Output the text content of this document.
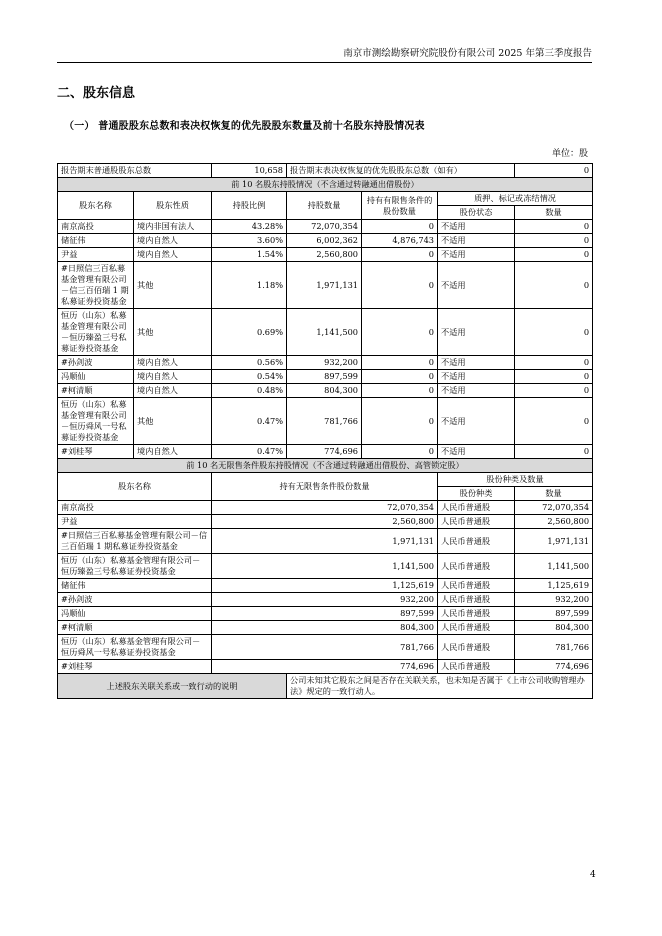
南京市测绘勘察研究院股份有限公司 2025 年第三季度报告
二、股东信息
（一） 普通股股东总数和表决权恢复的优先股股东数量及前十名股东持股情况表
单位：股
报告期末普通股股东总数		10,658	报告期末表决权恢复的优先股股东总数（如有）			0
前 10 名股东持股情况（不含通过转融通出借股份）						
股东名称	股东性质	持股比例	持股数量	持有有限售条件的股份数量	质押、标记或冻结情况	
					股份状态	数量
南京高投	境内非国有法人	43.28%	72,070,354	0	不适用	0
储征伟	境内自然人	3.60%	6,002,362	4,876,743	不适用	0
尹益	境内自然人	1.54%	2,560,800	0	不适用	0
#日照信三百私募基金管理有限公司－信三百佰瑞 1 期私募证券投资基金	其他	1.18%	1,971,131	0	不适用	0
恒历（山东）私募基金管理有限公司－恒历臻盈三号私募证券投资基金	其他	0.69%	1,141,500	0	不适用	0
#孙剑波	境内自然人	0.56%	932,200	0	不适用	0
冯顺仙	境内自然人	0.54%	897,599	0	不适用	0
#柯清顺	境内自然人	0.48%	804,300	0	不适用	0
恒历（山东）私募基金管理有限公司－恒历舜风一号私募证券投资基金	其他	0.47%	781,766	0	不适用	0
#刘桂琴	境内自然人	0.47%	774,696	0	不适用	0
前 10 名无限售条件股东持股情况（不含通过转融通出借股份、高管锁定股）						
股东名称		持有无限售条件股份数量			股份种类及数量	
					股份种类	数量
南京高投		72,070,354			人民币普通股	72,070,354
尹益		2,560,800			人民币普通股	2,560,800
#日照信三百私募基金管理有限公司－信三百佰瑞 1 期私募证券投资基金		1,971,131			人民币普通股	1,971,131
恒历（山东）私募基金管理有限公司－恒历臻盈三号私募证券投资基金		1,141,500			人民币普通股	1,141,500
储征伟		1,125,619			人民币普通股	1,125,619
#孙剑波		932,200			人民币普通股	932,200
冯顺仙		897,599			人民币普通股	897,599
#柯清顺		804,300			人民币普通股	804,300
恒历（山东）私募基金管理有限公司－恒历舜风一号私募证券投资基金		781,766			人民币普通股	781,766
#刘桂琴		774,696			人民币普通股	774,696
上述股东关联关系或一致行动的说明			公司未知其它股东之间是否存在关联关系，也未知是否属于《上市公司收购管理办法》规定的一致行动人。			
4
